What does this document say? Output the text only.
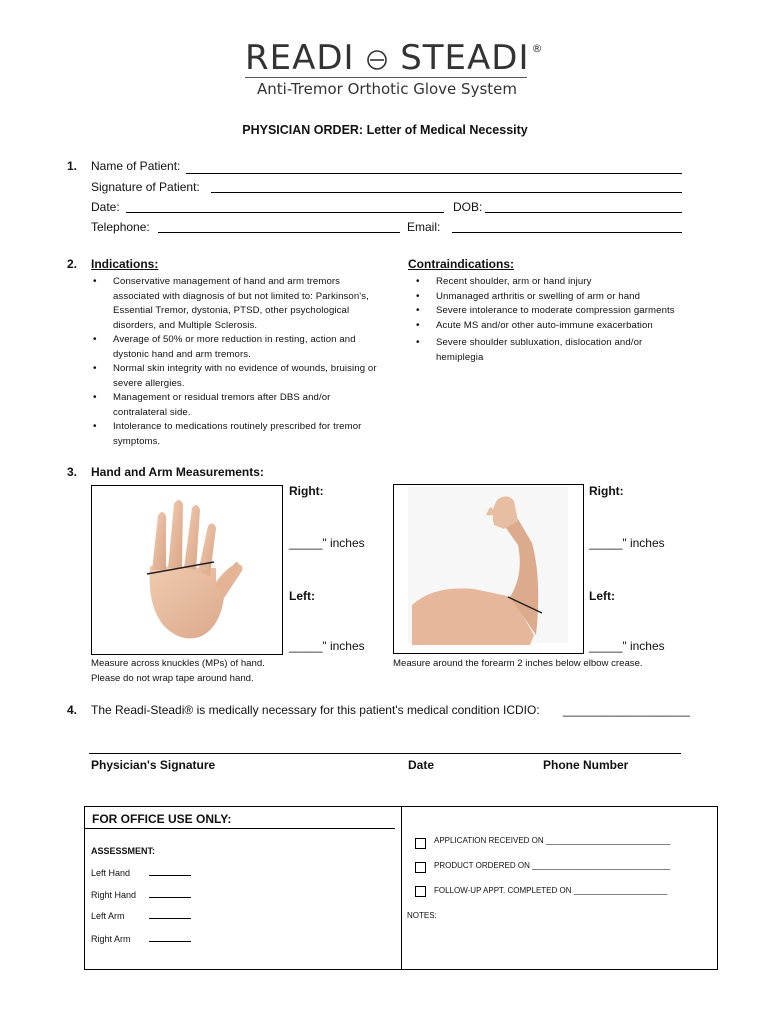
READI STEADI ®
Anti-Tremor Orthotic Glove System
PHYSICIAN ORDER: Letter of Medical Necessity
1. Name of Patient:
Signature of Patient:
Date:	DOB:
Telephone:	Email:
2. Indications:
• Conservative management of hand and arm tremors associated with diagnosis of but not limited to: Parkinson's, Essential Tremor, dystonia, PTSD, other psychological disorders, and Multiple Sclerosis.
• Average of 50% or more reduction in resting, action and dystonic hand and arm tremors.
• Normal skin integrity with no evidence of wounds, bruising or severe allergies.
• Management or residual tremors after DBS and/or contralateral side.
• Intolerance to medications routinely prescribed for tremor symptoms.
Contraindications:
• Recent shoulder, arm or hand injury
• Unmanaged arthritis or swelling of arm or hand
• Severe intolerance to moderate compression garments
• Acute MS and/or other auto-immune exacerbation
• Severe shoulder subluxation, dislocation and/or hemiplegia
3. Hand and Arm Measurements:
Right:
_____" inches
Left:
_____" inches
Right:
_____" inches
Left:
_____" inches
Measure across knuckles (MPs) of hand.
Please do not wrap tape around hand.
Measure around the forearm 2 inches below elbow crease.
4. The Readi-Steadi® is medically necessary for this patient's medical condition ICDIO: ___________________
Physician's Signature	Date	Phone Number
FOR OFFICE USE ONLY:
ASSESSMENT:
Left Hand
Right Hand
Left Arm
Right Arm
APPLICATION RECEIVED ON ____________________________
PRODUCT ORDERED ON _______________________________
FOLLOW-UP APPT. COMPLETED ON _____________________
NOTES:
